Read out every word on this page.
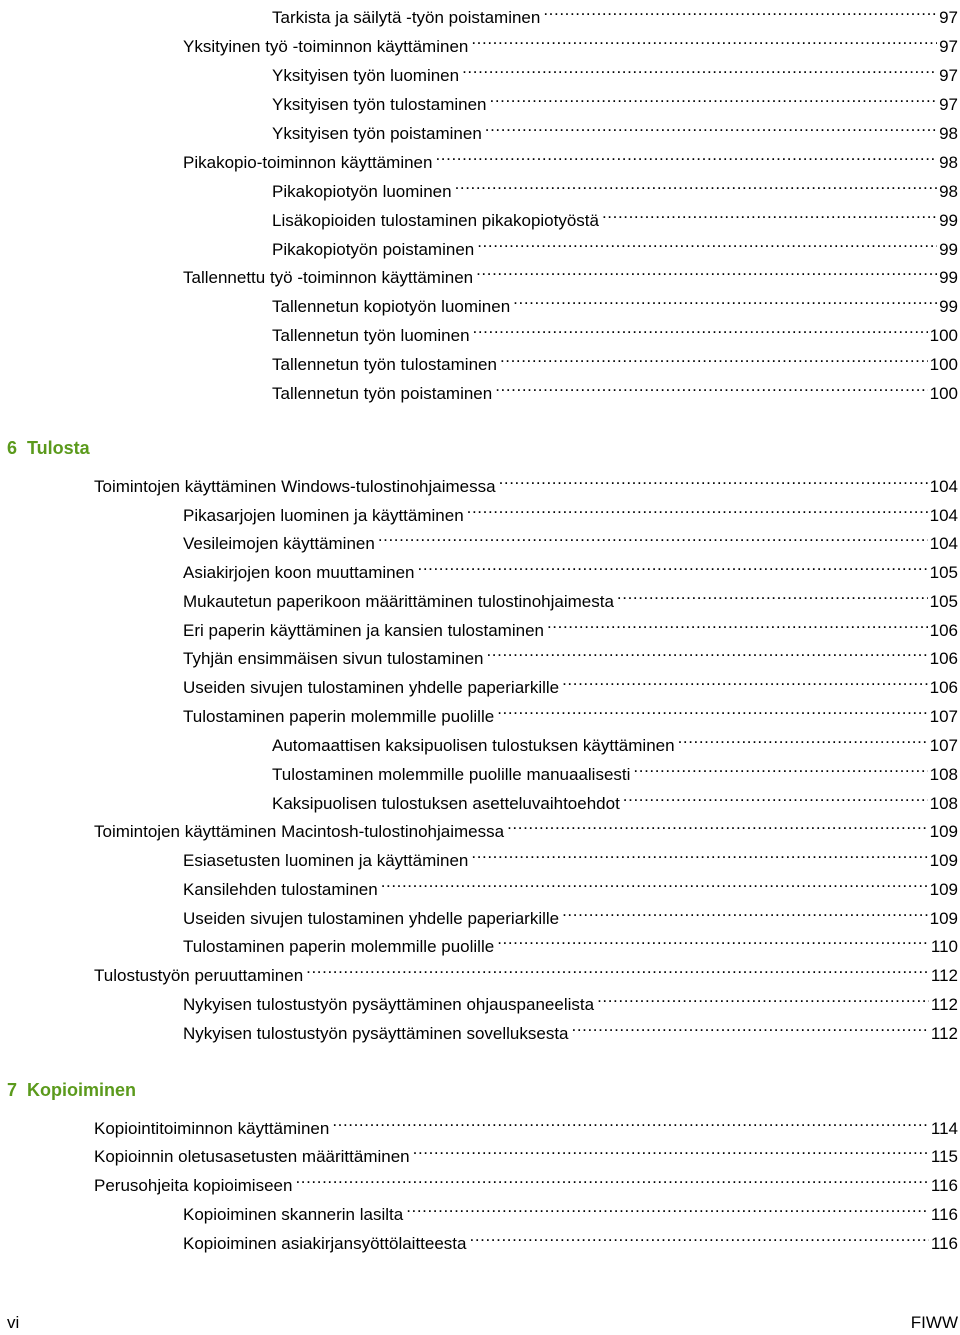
Tarkista ja säilytä -työn poistaminen .....	97
Yksityinen työ -toiminnon käyttäminen .....	97
Yksityisen työn luominen .....	97
Yksityisen työn tulostaminen .....	97
Yksityisen työn poistaminen .....	98
Pikakopio-toiminnon käyttäminen .....	98
Pikakopiotyön luominen .....	98
Lisäkopioiden tulostaminen pikakopiotyöstä .....	99
Pikakopiotyön poistaminen .....	99
Tallennettu työ -toiminnon käyttäminen .....	99
Tallennetun kopiotyön luominen .....	99
Tallennetun työn luominen .....	100
Tallennetun työn tulostaminen .....	100
Tallennetun työn poistaminen .....	100
6 Tulosta
Toimintojen käyttäminen Windows-tulostinohjaimessa .....	104
Pikasarjojen luominen ja käyttäminen .....	104
Vesileimojen käyttäminen .....	104
Asiakirjojen koon muuttaminen .....	105
Mukautetun paperikoon määrittäminen tulostinohjaimesta .....	105
Eri paperin käyttäminen ja kansien tulostaminen .....	106
Tyhjän ensimmäisen sivun tulostaminen .....	106
Useiden sivujen tulostaminen yhdelle paperiarkille .....	106
Tulostaminen paperin molemmille puolille .....	107
Automaattisen kaksipuolisen tulostuksen käyttäminen .....	107
Tulostaminen molemmille puolille manuaalisesti .....	108
Kaksipuolisen tulostuksen asetteluvaihtoehdot .....	108
Toimintojen käyttäminen Macintosh-tulostinohjaimessa .....	109
Esiasetusten luominen ja käyttäminen .....	109
Kansilehden tulostaminen .....	109
Useiden sivujen tulostaminen yhdelle paperiarkille .....	109
Tulostaminen paperin molemmille puolille .....	110
Tulostustyön peruuttaminen .....	112
Nykyisen tulostustyön pysäyttäminen ohjauspaneelista .....	112
Nykyisen tulostustyön pysäyttäminen sovelluksesta .....	112
7 Kopioiminen
Kopiointitoiminnon käyttäminen .....	114
Kopioinnin oletusasetusten määrittäminen .....	115
Perusohjeita kopioimiseen .....	116
Kopioiminen skannerin lasilta .....	116
Kopioiminen asiakirjansyöttölaitteesta .....	116
vi	FIWW
